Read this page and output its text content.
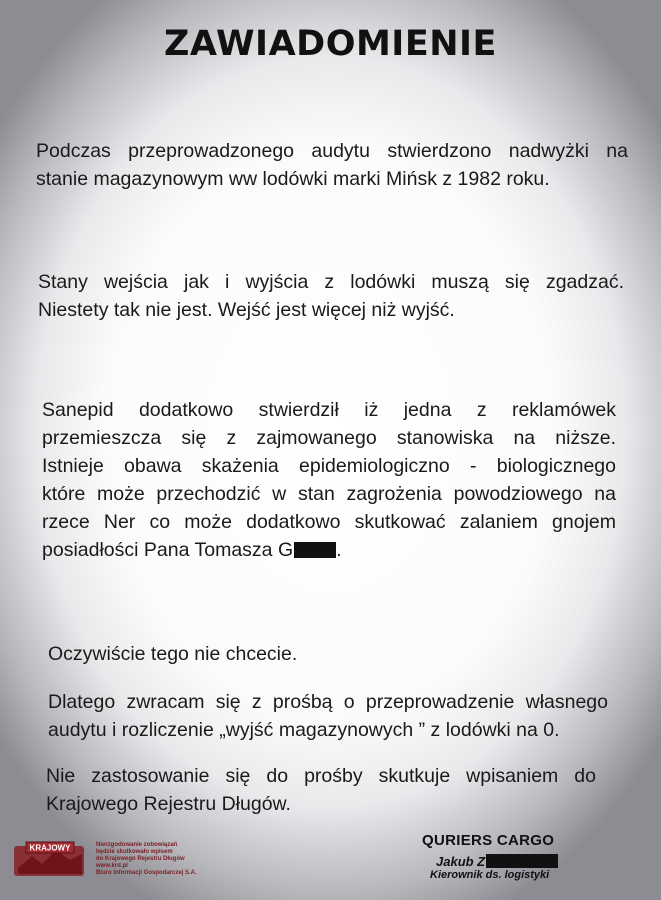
ZAWIADOMIENIE
Podczas przeprowadzonego audytu stwierdzono nadwyżki na
stanie magazynowym ww lodówki marki Mińsk z 1982 roku.
Stany wejścia jak i wyjścia z lodówki muszą się zgadzać.
Niestety tak nie jest. Wejść jest więcej niż wyjść.
Sanepid dodatkowo stwierdził iż jedna z reklamówek
przemieszcza się z zajmowanego stanowiska na niższe.
Istnieje obawa skażenia epidemiologiczno - biologicznego
które może przechodzić w stan zagrożenia powodziowego na
rzece Ner co może dodatkowo skutkować zalaniem gnojem
posiadłości Pana Tomasza G .
Oczywiście tego nie chcecie.
Dlatego zwracam się z prośbą o przeprowadzenie własnego
audytu i rozliczenie „wyjść magazynowych ” z lodówki na 0.
Nie zastosowanie się do prośby skutkuje wpisaniem do
Krajowego Rejestru Długów.
KRAJOWY	Nierzgodowanie zobowiązań
będzie skutkowało wpisem
do Krajowego Rejestru Długów
www.krd.pl
Biuro Informacji Gospodarczej S.A.
QURIERS CARGO
Jakub Z
Kierownik ds. logistyki
